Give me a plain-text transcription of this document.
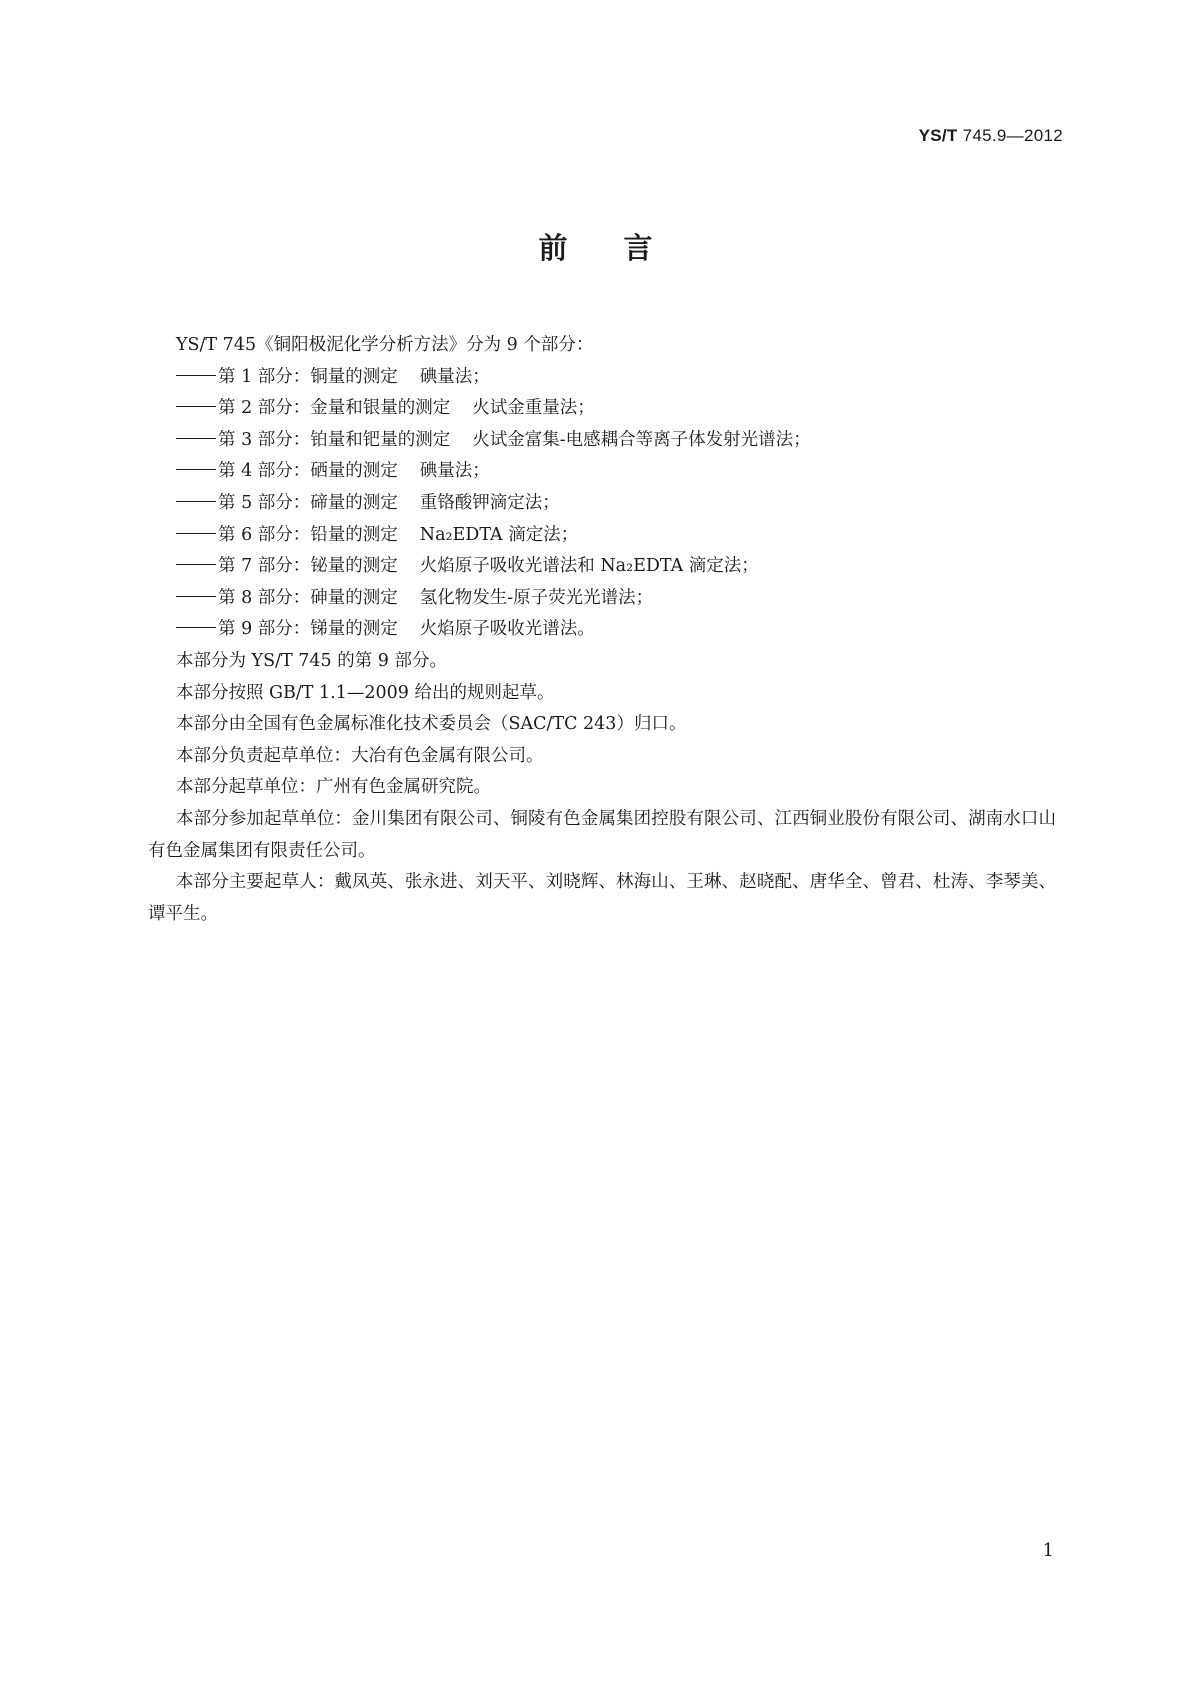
YS/T 745.9—2012
前言
YS/T 745《铜阳极泥化学分析方法》分为 9 个部分：
第 1 部分：铜量的测定 碘量法；
第 2 部分：金量和银量的测定 火试金重量法；
第 3 部分：铂量和钯量的测定 火试金富集-电感耦合等离子体发射光谱法；
第 4 部分：硒量的测定 碘量法；
第 5 部分：碲量的测定 重铬酸钾滴定法；
第 6 部分：铅量的测定 Na₂EDTA 滴定法；
第 7 部分：铋量的测定 火焰原子吸收光谱法和 Na₂EDTA 滴定法；
第 8 部分：砷量的测定 氢化物发生-原子荧光光谱法；
第 9 部分：锑量的测定 火焰原子吸收光谱法。
本部分为 YS/T 745 的第 9 部分。
本部分按照 GB/T 1.1—2009 给出的规则起草。
本部分由全国有色金属标准化技术委员会（SAC/TC 243）归口。
本部分负责起草单位：大冶有色金属有限公司。
本部分起草单位：广州有色金属研究院。
本部分参加起草单位：金川集团有限公司、铜陵有色金属集团控股有限公司、江西铜业股份有限公司、湖南水口山有色金属集团有限责任公司。
本部分主要起草人：戴凤英、张永进、刘天平、刘晓辉、林海山、王琳、赵晓配、唐华全、曾君、杜涛、李琴美、谭平生。
1
